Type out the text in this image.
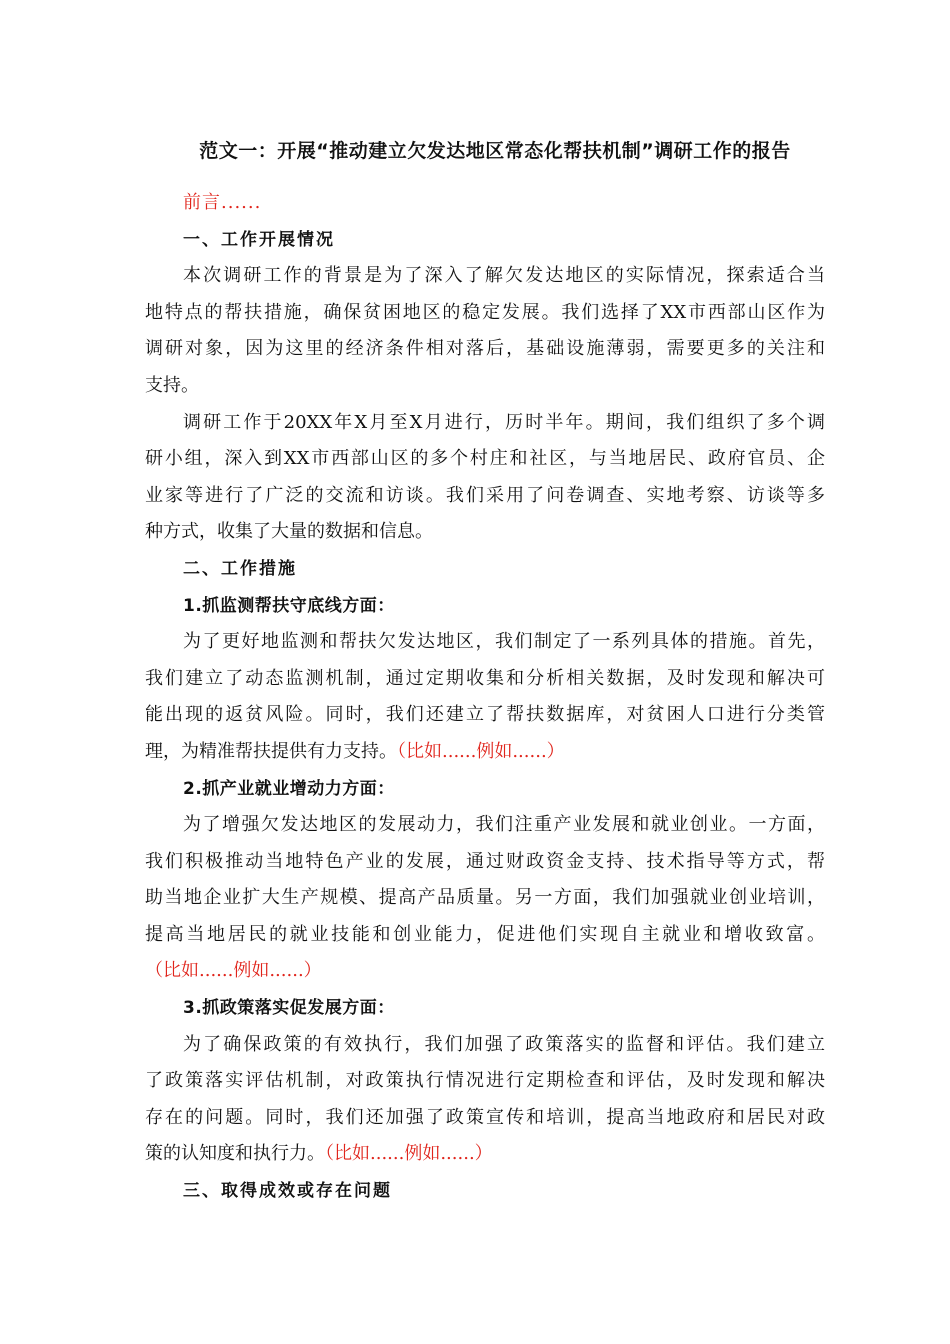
范文一：开展“推动建立欠发达地区常态化帮扶机制”调研工作的报告
前言......
一、工作开展情况
本次调研工作的背景是为了深入了解欠发达地区的实际情况，探索适合当
地特点的帮扶措施，确保贫困地区的稳定发展。我们选择了XX市西部山区作为
调研对象，因为这里的经济条件相对落后，基础设施薄弱，需要更多的关注和
支持。
调研工作于20XX年X月至X月进行，历时半年。期间，我们组织了多个调
研小组，深入到XX市西部山区的多个村庄和社区，与当地居民、政府官员、企
业家等进行了广泛的交流和访谈。我们采用了问卷调查、实地考察、访谈等多
种方式，收集了大量的数据和信息。
二、工作措施
1.抓监测帮扶守底线方面：
为了更好地监测和帮扶欠发达地区，我们制定了一系列具体的措施。首先，
我们建立了动态监测机制，通过定期收集和分析相关数据，及时发现和解决可
能出现的返贫风险。同时，我们还建立了帮扶数据库，对贫困人口进行分类管
理，为精准帮扶提供有力支持。（比如......例如......）
2.抓产业就业增动力方面：
为了增强欠发达地区的发展动力，我们注重产业发展和就业创业。一方面，
我们积极推动当地特色产业的发展，通过财政资金支持、技术指导等方式，帮
助当地企业扩大生产规模、提高产品质量。另一方面，我们加强就业创业培训，
提高当地居民的就业技能和创业能力，促进他们实现自主就业和增收致富。
（比如......例如......）
3.抓政策落实促发展方面：
为了确保政策的有效执行，我们加强了政策落实的监督和评估。我们建立
了政策落实评估机制，对政策执行情况进行定期检查和评估，及时发现和解决
存在的问题。同时，我们还加强了政策宣传和培训，提高当地政府和居民对政
策的认知度和执行力。（比如......例如......）
三、取得成效或存在问题
